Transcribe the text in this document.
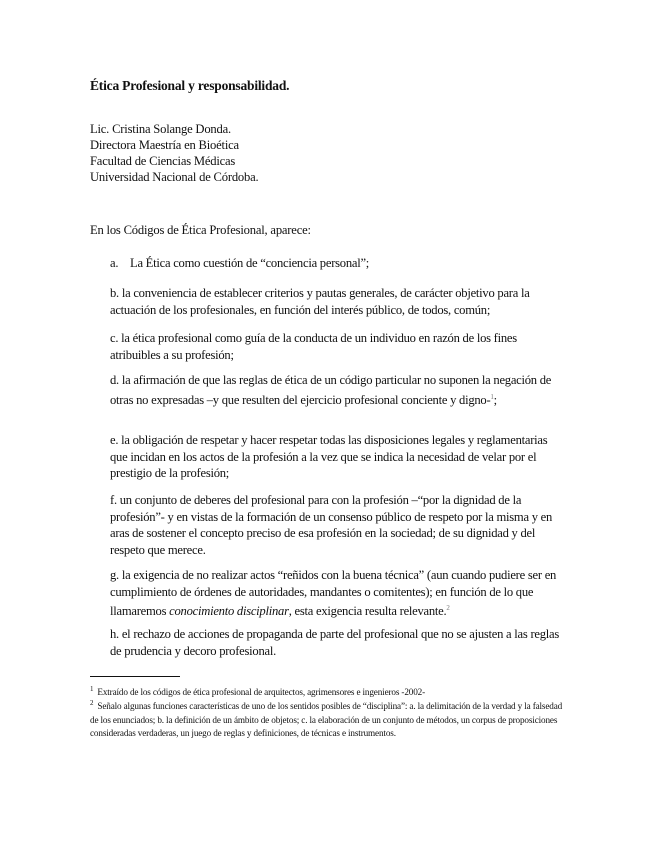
Ética Profesional y responsabilidad.
Lic. Cristina Solange Donda.
Directora Maestría en Bioética
Facultad de Ciencias Médicas
Universidad Nacional de Córdoba.
En los Códigos de Ética Profesional, aparece:
a. La Ética como cuestión de “conciencia personal”;
b. la conveniencia de establecer criterios y pautas generales, de carácter objetivo para la actuación de los profesionales, en función del interés público, de todos, común;
c. la ética profesional como guía de la conducta de un individuo en razón de los fines atribuibles a su profesión;
d. la afirmación de que las reglas de ética de un código particular no suponen la negación de otras no expresadas –y que resulten del ejercicio profesional conciente y digno-$^1$;
e. la obligación de respetar y hacer respetar todas las disposiciones legales y reglamentarias que incidan en los actos de la profesión a la vez que se indica la necesidad de velar por el prestigio de la profesión;
f. un conjunto de deberes del profesional para con la profesión –“por la dignidad de la profesión”- y en vistas de la formación de un consenso público de respeto por la misma y en aras de sostener el concepto preciso de esa profesión en la sociedad; de su dignidad y del respeto que merece.
g. la exigencia de no realizar actos “reñidos con la buena técnica” (aun cuando pudiere ser en cumplimiento de órdenes de autoridades, mandantes o comitentes); en función de lo que llamaremos conocimiento disciplinar, esta exigencia resulta relevante.$^2$
h. el rechazo de acciones de propaganda de parte del profesional que no se ajusten a las reglas de prudencia y decoro profesional.
$^1$ Extraído de los códigos de ética profesional de arquitectos, agrimensores e ingenieros -2002-
$^2$ Señalo algunas funciones características de uno de los sentidos posibles de “disciplina”: a. la delimitación de la verdad y la falsedad de los enunciados; b. la definición de un ámbito de objetos; c. la elaboración de un conjunto de métodos, un corpus de proposiciones consideradas verdaderas, un juego de reglas y definiciones, de técnicas e instrumentos.
